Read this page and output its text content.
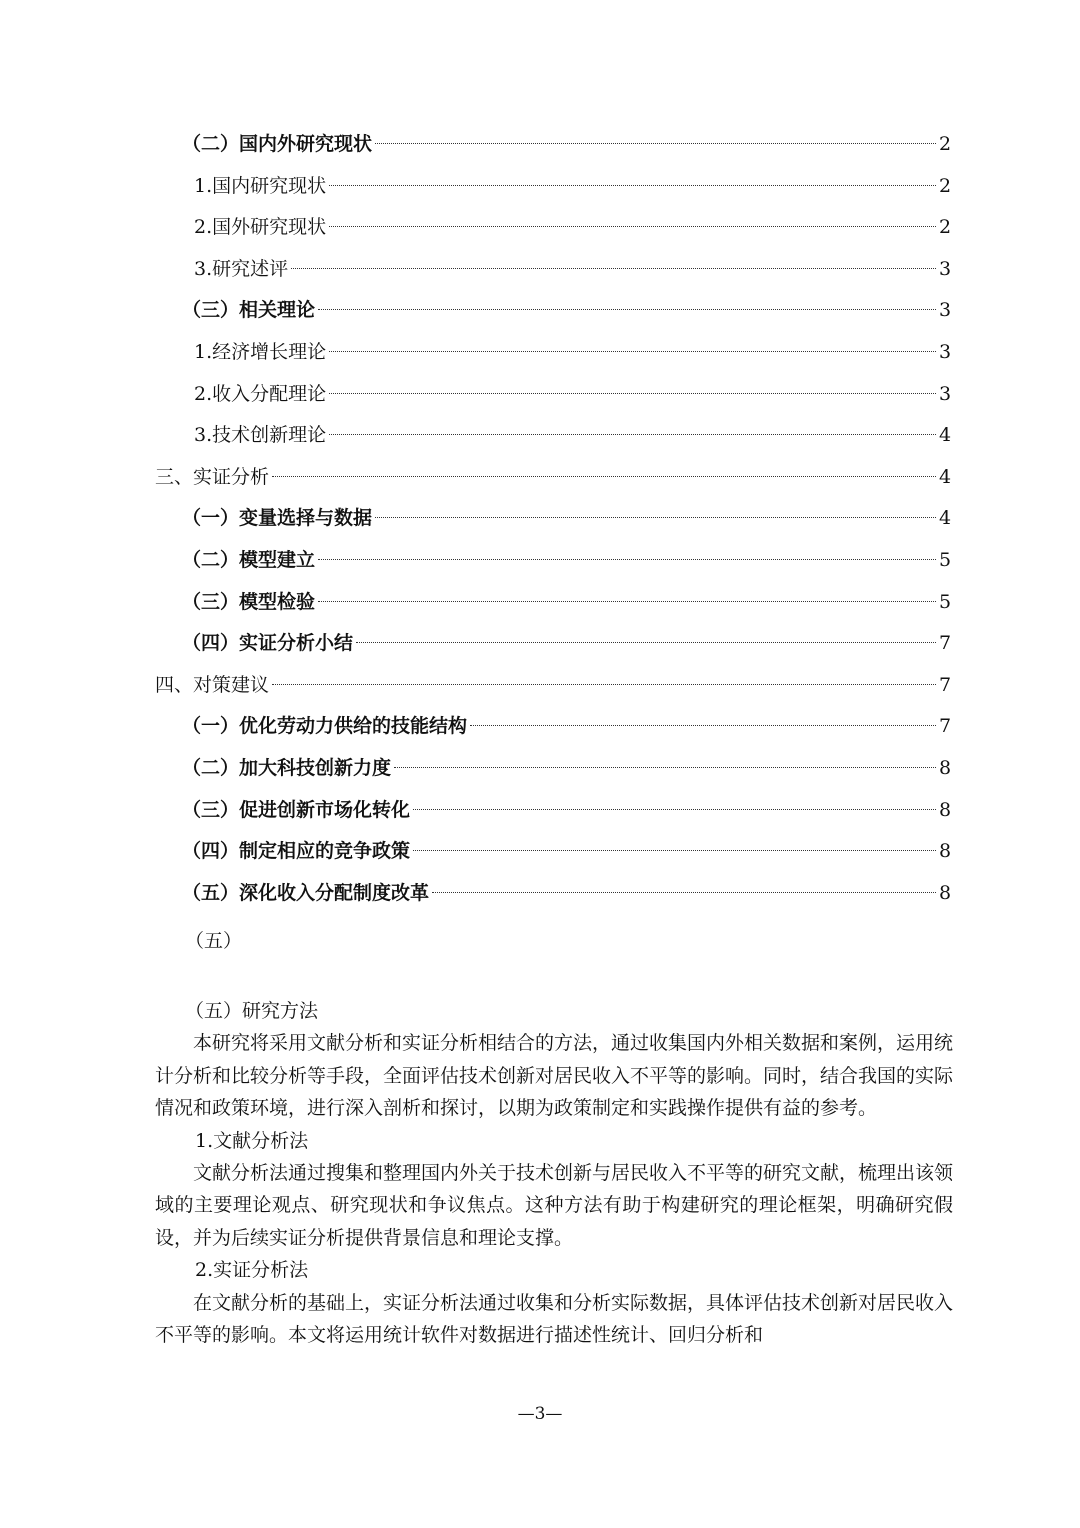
（二）国内外研究现状	2
1.国内研究现状	2
2.国外研究现状	2
3.研究述评	3
（三）相关理论	3
1.经济增长理论	3
2.收入分配理论	3
3.技术创新理论	4
三、实证分析	4
（一）变量选择与数据	4
（二）模型建立	5
（三）模型检验	5
（四）实证分析小结	7
四、对策建议	7
（一）优化劳动力供给的技能结构	7
（二）加大科技创新力度	8
（三）促进创新市场化转化	8
（四）制定相应的竞争政策	8
（五）深化收入分配制度改革	8
（五）

（五）研究方法

本研究将采用文献分析和实证分析相结合的方法，通过收集国内外相关数据和案例，运用统计分析和比较分析等手段，全面评估技术创新对居民收入不平等的影响。同时，结合我国的实际情况和政策环境，进行深入剖析和探讨，以期为政策制定和实践操作提供有益的参考。

1.文献分析法

文献分析法通过搜集和整理国内外关于技术创新与居民收入不平等的研究文献，梳理出该领域的主要理论观点、研究现状和争议焦点。这种方法有助于构建研究的理论框架，明确研究假设，并为后续实证分析提供背景信息和理论支撑。

2.实证分析法

在文献分析的基础上，实证分析法通过收集和分析实际数据，具体评估技术创新对居民收入不平等的影响。本文将运用统计软件对数据进行描述性统计、回归分析和

—3—
